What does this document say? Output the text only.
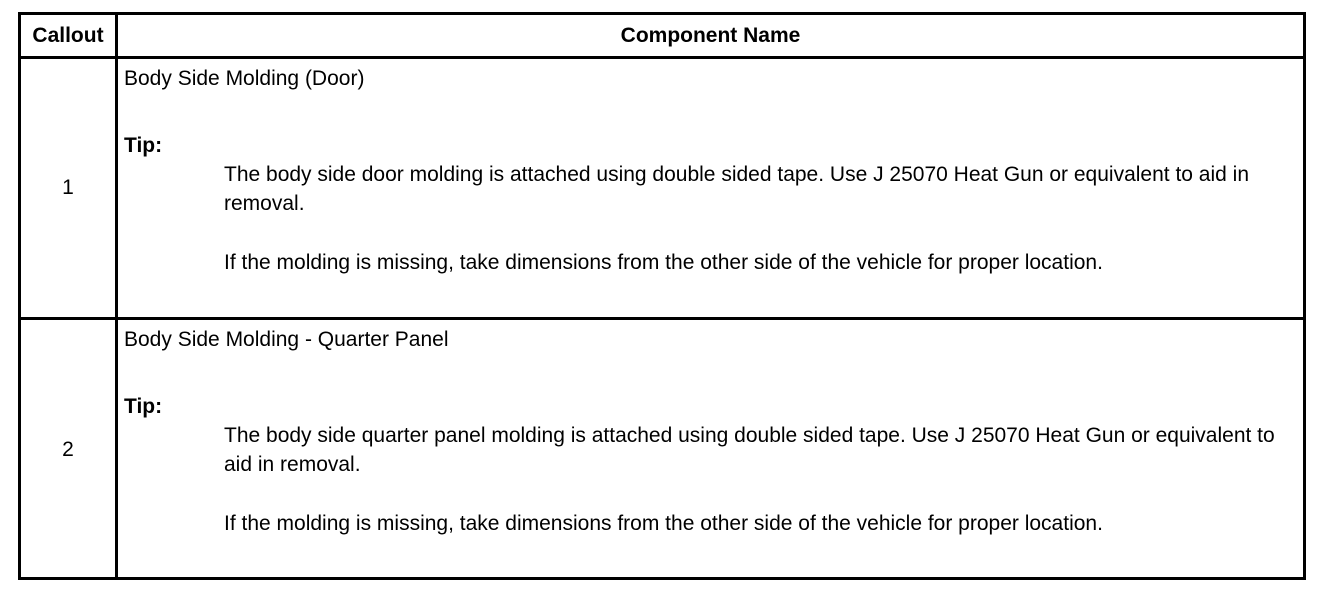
Callout	Component Name
1
Body Side Molding (Door)
Tip:
The body side door molding is attached using double sided tape. Use J 25070 Heat Gun or equivalent to aid in removal.
If the molding is missing, take dimensions from the other side of the vehicle for proper location.
2
Body Side Molding - Quarter Panel
Tip:
The body side quarter panel molding is attached using double sided tape. Use J 25070 Heat Gun or equivalent to aid in removal.
If the molding is missing, take dimensions from the other side of the vehicle for proper location.
